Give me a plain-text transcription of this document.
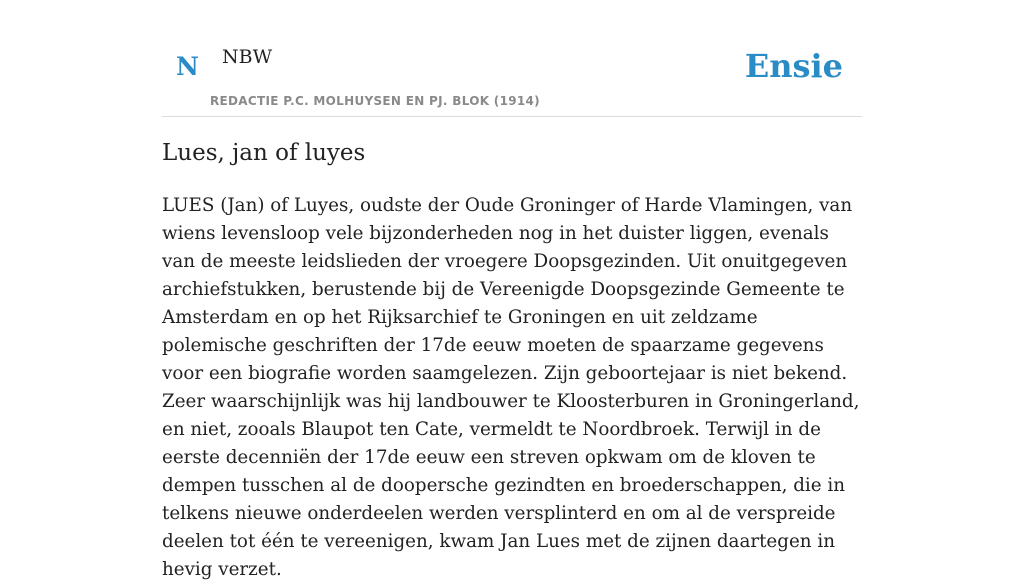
N NBW
REDACTIE P.C. MOLHUYSEN EN PJ. BLOK (1914)
Ensie
Lues, jan of luyes

LUES (Jan) of Luyes, oudste der Oude Groninger of Harde Vlamingen, van wiens levensloop vele bijzonderheden nog in het duister liggen, evenals van de meeste leidslieden der vroegere Doopsgezinden. Uit onuitgegeven archiefstukken, berustende bij de Vereenigde Doopsgezinde Gemeente te Amsterdam en op het Rijksarchief te Groningen en uit zeldzame polemische geschriften der 17de eeuw moeten de spaarzame gegevens voor een biografie worden saamgelezen. Zijn geboortejaar is niet bekend. Zeer waarschijnlijk was hij landbouwer te Kloosterburen in Groningerland, en niet, zooals Blaupot ten Cate, vermeldt te Noordbroek. Terwijl in de eerste decenniën der 17de eeuw een streven opkwam om de kloven te dempen tusschen al de doopersche gezindten en broederschappen, die in telkens nieuwe onderdeelen werden versplinterd en om al de verspreide deelen tot één te vereenigen, kwam Jan Lues met de zijnen daartegen in hevig verzet.
